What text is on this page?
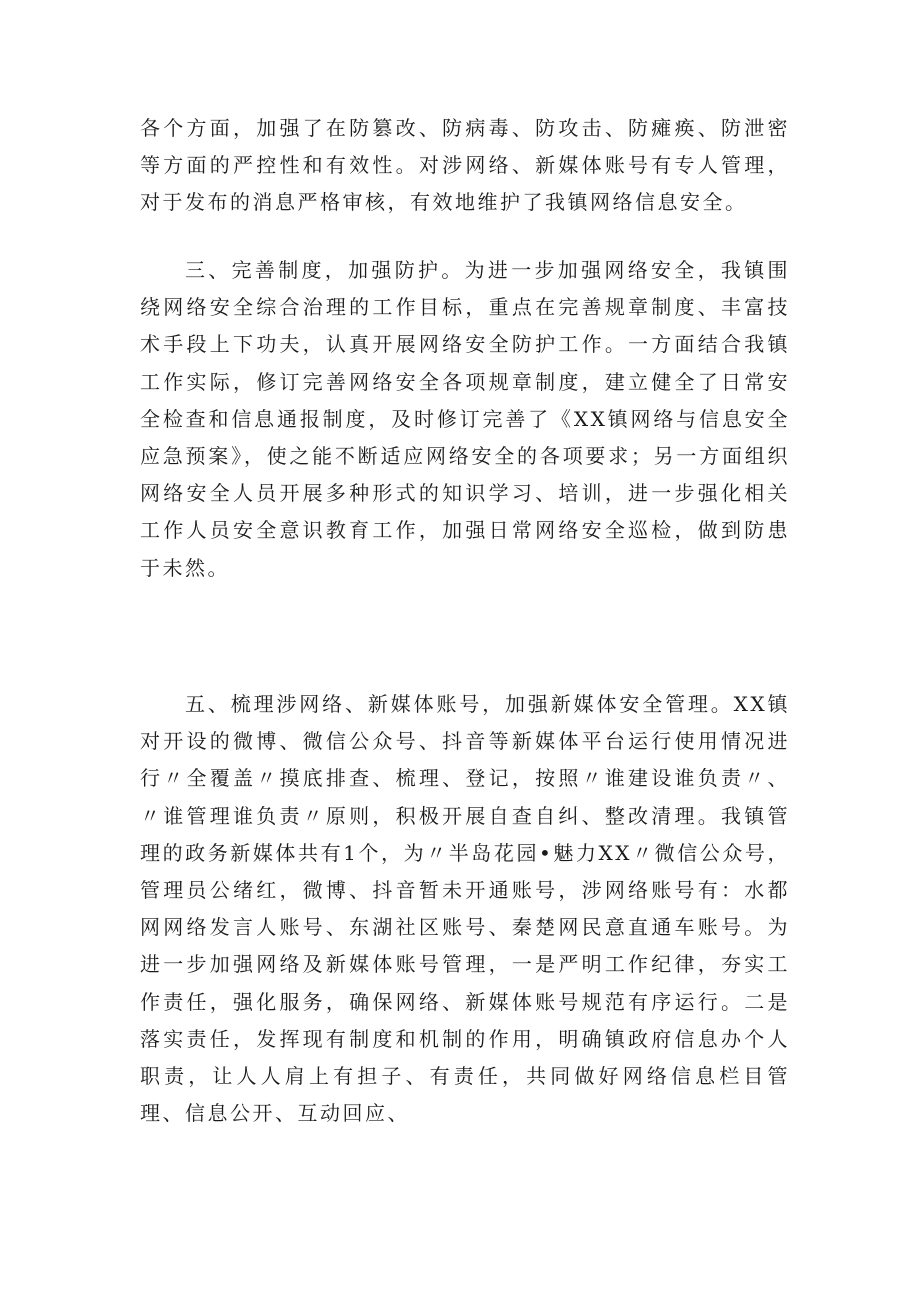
各个方面，加强了在防篡改、防病毒、防攻击、防瘫痪、防泄密等方面的严控性和有效性。对涉网络、新媒体账号有专人管理，对于发布的消息严格审核，有效地维护了我镇网络信息安全。

三、完善制度，加强防护。为进一步加强网络安全，我镇围绕网络安全综合治理的工作目标，重点在完善规章制度、丰富技术手段上下功夫，认真开展网络安全防护工作。一方面结合我镇工作实际，修订完善网络安全各项规章制度，建立健全了日常安全检查和信息通报制度，及时修订完善了《XX镇网络与信息安全应急预案》，使之能不断适应网络安全的各项要求；另一方面组织网络安全人员开展多种形式的知识学习、培训，进一步强化相关工作人员安全意识教育工作，加强日常网络安全巡检，做到防患于未然。

五、梳理涉网络、新媒体账号，加强新媒体安全管理。XX镇对开设的微博、微信公众号、抖音等新媒体平台运行使用情况进行〃全覆盖〃摸底排查、梳理、登记，按照〃谁建设谁负责〃、〃谁管理谁负责〃原则，积极开展自查自纠、整改清理。我镇管理的政务新媒体共有1个，为〃半岛花园•魅力XX〃微信公众号，管理员公绪红，微博、抖音暂未开通账号，涉网络账号有：水都网网络发言人账号、东湖社区账号、秦楚网民意直通车账号。为进一步加强网络及新媒体账号管理，一是严明工作纪律，夯实工作责任，强化服务，确保网络、新媒体账号规范有序运行。二是落实责任，发挥现有制度和机制的作用，明确镇政府信息办个人职责，让人人肩上有担子、有责任，共同做好网络信息栏目管理、信息公开、互动回应、
